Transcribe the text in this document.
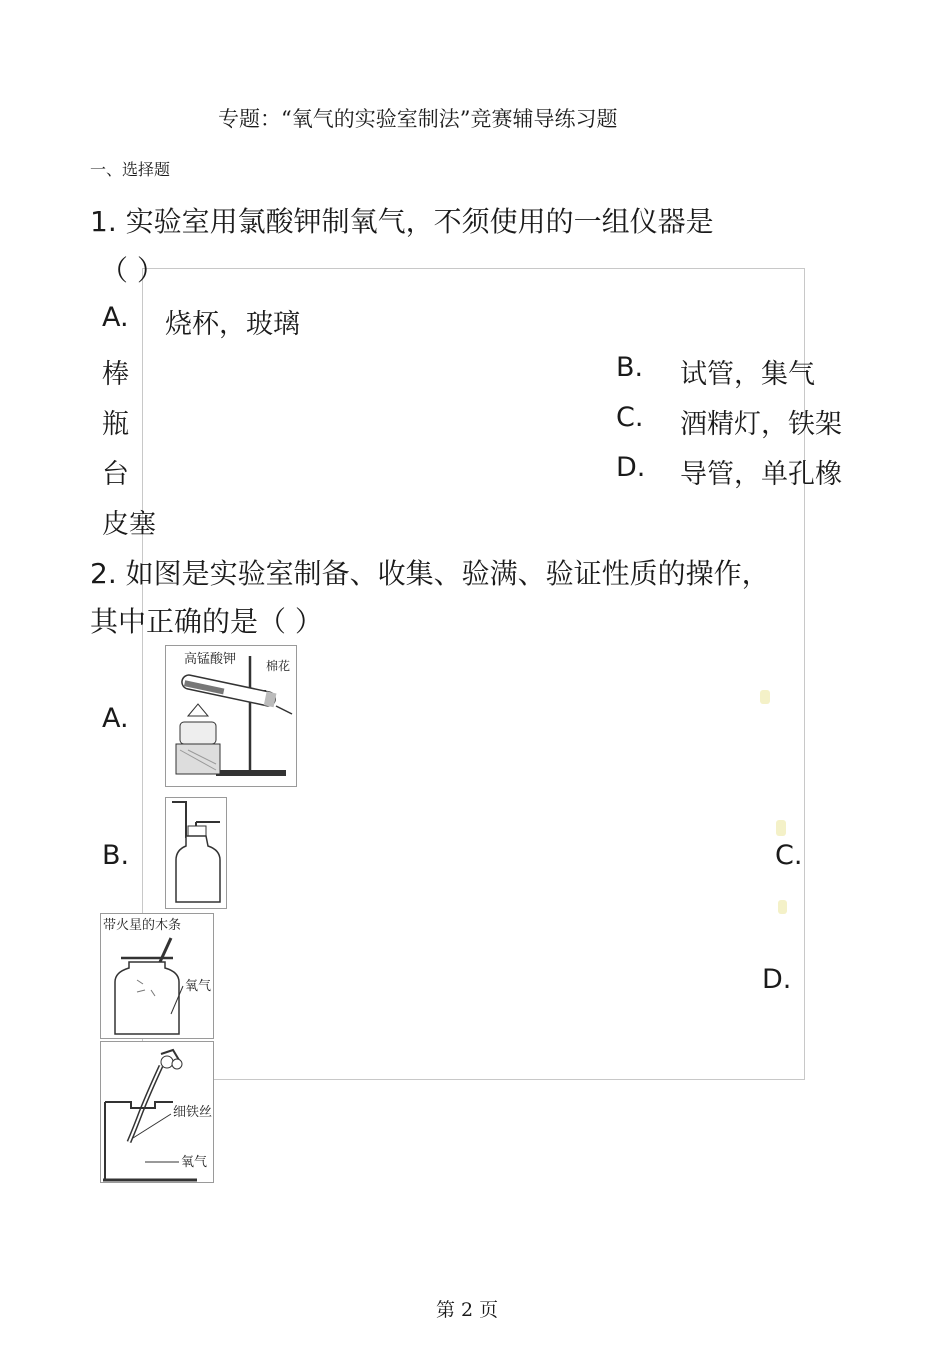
专题：“氧气的实验室制法”竞赛辅导练习题
一、选择题
1. 实验室用氯酸钾制氧气，不须使用的一组仪器是
（ ）
A. 烧杯，玻璃
棒
瓶
台
皮塞
B. 试管，集气
C. 酒精灯，铁架
D. 导管，单孔橡
2. 如图是实验室制备、收集、验满、验证性质的操作，
其中正确的是（ ）
A.
B.	C.
D.
高锰酸钾 棉花
带火星的木条
氧气
细铁丝
氧气
第 2 页
